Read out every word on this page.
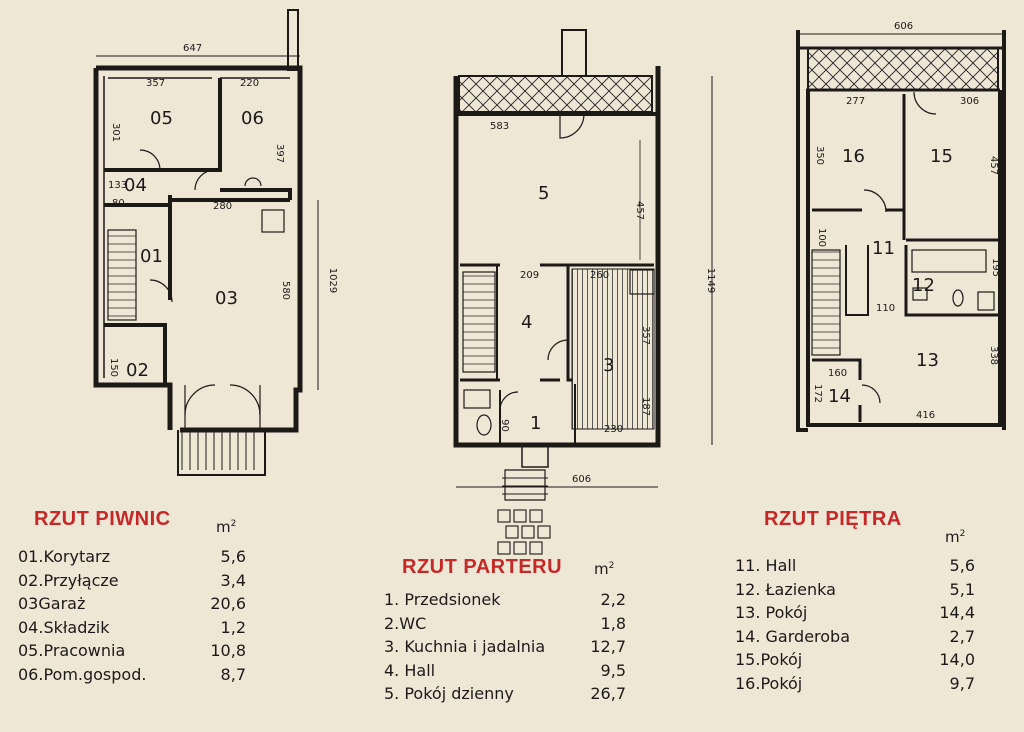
05	06
04
01
03
02
647
357	220
301
397
133
80	280
1029
580
150
5
4
3
1
583
457
209	260	1149
357
187
230
606
90
16	15
11
12
13
14
606
277	306
350
457
100
195
110
338
172
160
416
RZUT PIWNIC	$m^2$
01.Korytarz	5,6
02.Przyłącze	3,4
03Garaż	20,6
04.Składzik	1,2
05.Pracownia	10,8
06.Pom.gospod.	8,7
RZUT PARTERU $m^2$
1. Przedsionek	2,2
2.WC	1,8
3. Kuchnia i jadalnia	12,7
4. Hall	9,5
5. Pokój dzienny	26,7
RZUT PIĘTRA
$m^2$
11. Hall	5,6
12. Łazienka	5,1
13. Pokój	14,4
14. Garderoba	2,7
15.Pokój	14,0
16.Pokój	9,7
